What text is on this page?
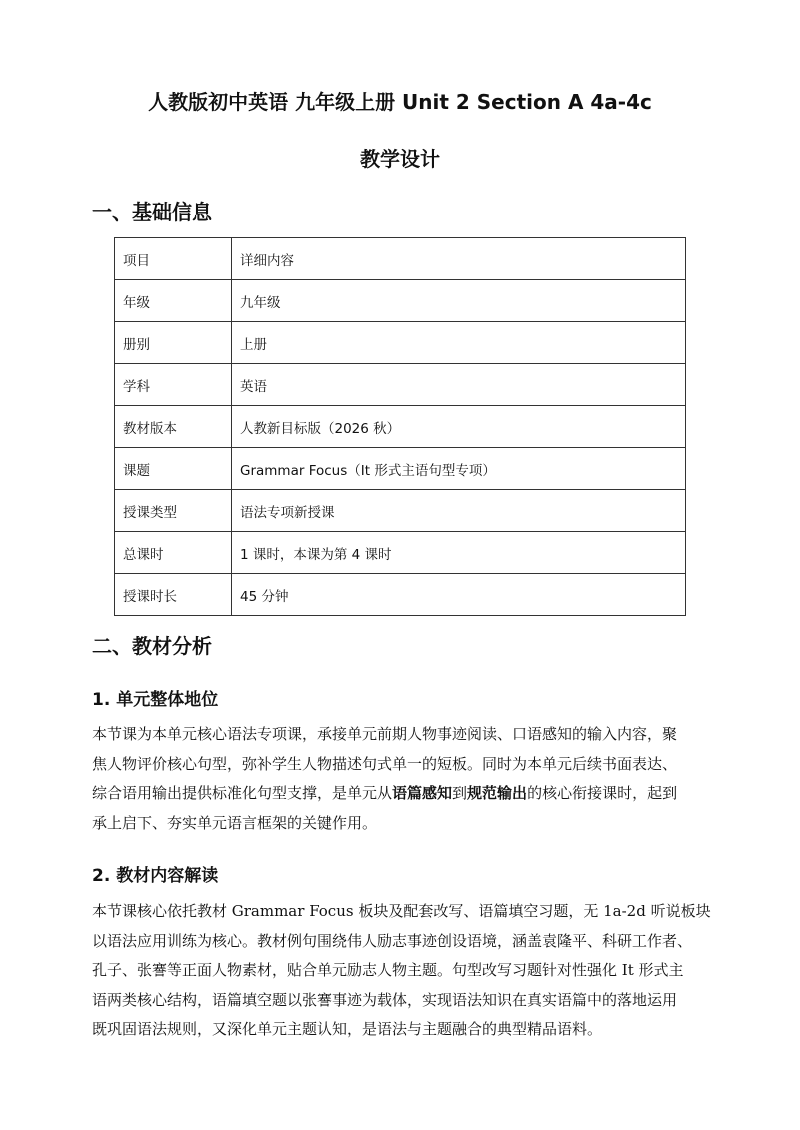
人教版初中英语 九年级上册 Unit 2 Section A 4a-4c
教学设计
一、基础信息
项目	详细内容
年级	九年级
册别	上册
学科	英语
教材版本	人教新目标版（2026 秋）
课题	Grammar Focus（It 形式主语句型专项）
授课类型	语法专项新授课
总课时	1 课时，本课为第 4 课时
授课时长	45 分钟
二、教材分析
1. 单元整体地位
本节课为本单元核心语法专项课，承接单元前期人物事迹阅读、口语感知的输入内容，聚
焦人物评价核心句型，弥补学生人物描述句式单一的短板。同时为本单元后续书面表达、
综合语用输出提供标准化句型支撑，是单元从语篇感知到规范输出的核心衔接课时，起到
承上启下、夯实单元语言框架的关键作用。
2. 教材内容解读
本节课核心依托教材 Grammar Focus 板块及配套改写、语篇填空习题，无 1a-2d 听说板块
以语法应用训练为核心。教材例句围绕伟人励志事迹创设语境，涵盖袁隆平、科研工作者、
孔子、张謇等正面人物素材，贴合单元励志人物主题。句型改写习题针对性强化 It 形式主
语两类核心结构，语篇填空题以张謇事迹为载体，实现语法知识在真实语篇中的落地运用
既巩固语法规则，又深化单元主题认知，是语法与主题融合的典型精品语料。
